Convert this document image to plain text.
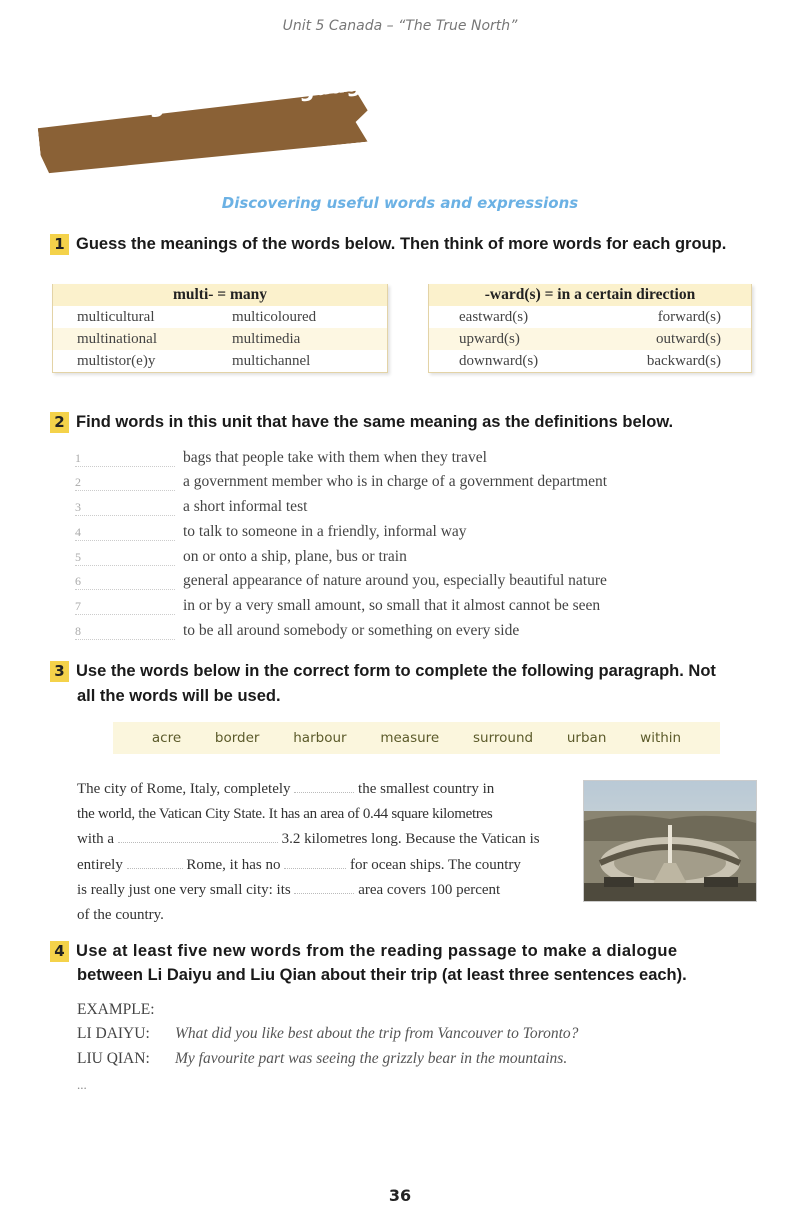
Unit 5 Canada – “The True North”
Learning about Language
Discovering useful words and expressions
1 Guess the meanings of the words below. Then think of more words for each group.
multi- = many
multicultural	multicoloured
multinational	multimedia
multistor(e)y	multichannel
-ward(s) = in a certain direction
eastward(s)	forward(s)
upward(s)	outward(s)
downward(s)	backward(s)
2 Find words in this unit that have the same meaning as the definitions below.
1	bags that people take with them when they travel
2	a government member who is in charge of a government department
3	a short informal test
4	to talk to someone in a friendly, informal way
5	on or onto a ship, plane, bus or train
6	general appearance of nature around you, especially beautiful nature
7	in or by a very small amount, so small that it almost cannot be seen
8	to be all around somebody or something on every side
3 Use the words below in the correct form to complete the following paragraph. Not
all the words will be used.
acre	border	harbour	measure	surround	urban	within
The city of Rome, Italy, completely	the smallest country in
the world, the Vatican City State. It has an area of 0.44 square kilometres
with a	3.2 kilometres long. Because the Vatican is
entirely	Rome, it has no	for ocean ships. The country
is really just one very small city: its	area covers 100 percent
of the country.
4 Use at least five new words from the reading passage to make a dialogue
between Li Daiyu and Liu Qian about their trip (at least three sentences each).
EXAMPLE:
LI DAIYU: What did you like best about the trip from Vancouver to Toronto?
LIU QIAN: My favourite part was seeing the grizzly bear in the mountains.
...
36
